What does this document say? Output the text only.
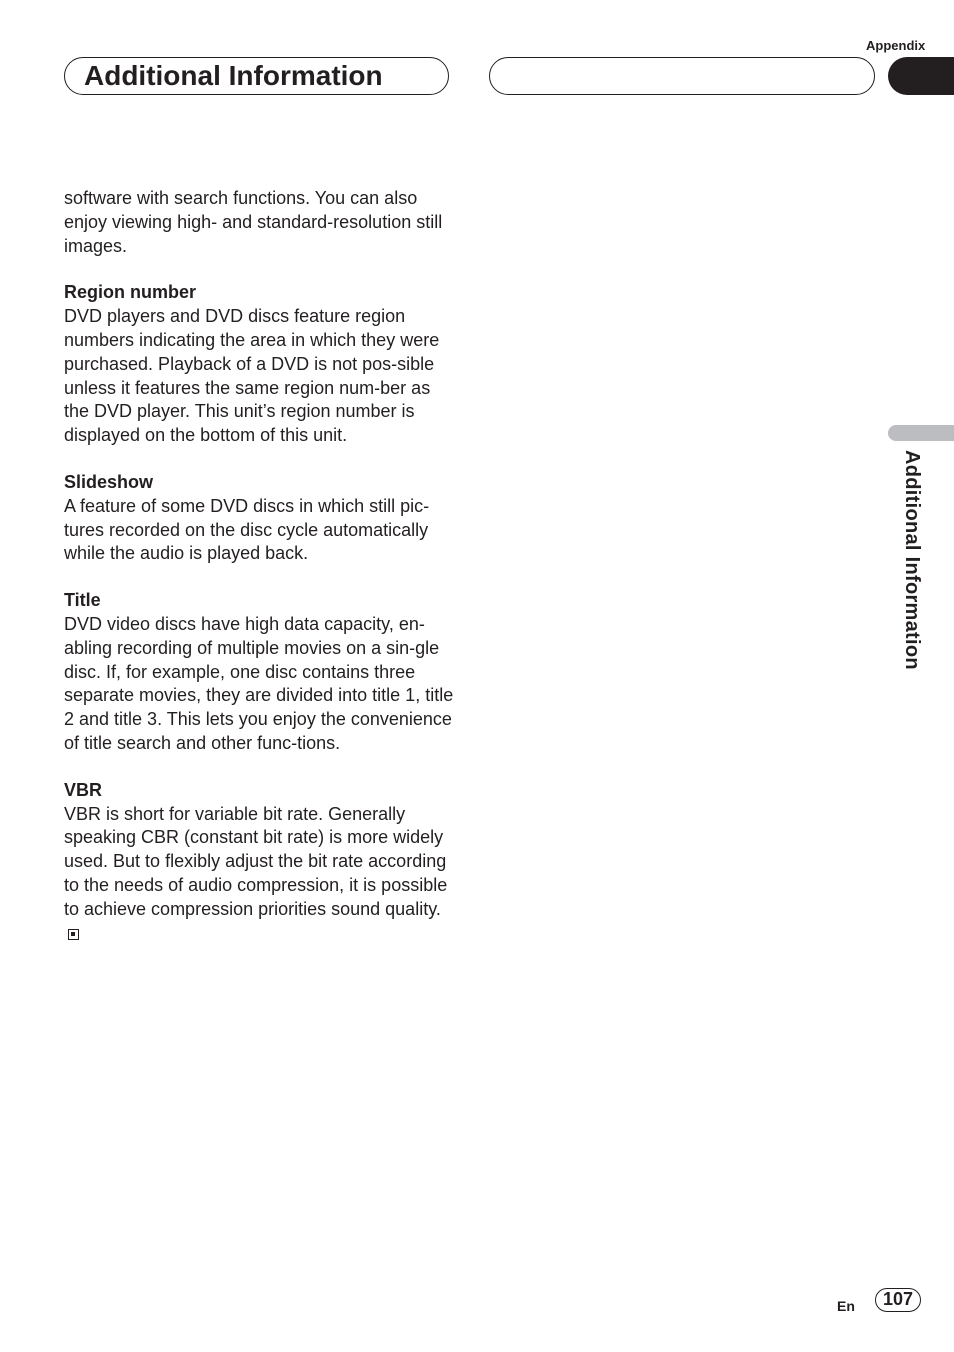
Appendix
Additional Information
Additional Information

software with search functions. You can also enjoy viewing high- and standard-resolution still images.

Region number

DVD players and DVD discs feature region numbers indicating the area in which they were purchased. Playback of a DVD is not pos-sible unless it features the same region num-ber as the DVD player. This unit’s region number is displayed on the bottom of this unit.

Slideshow

A feature of some DVD discs in which still pic-tures recorded on the disc cycle automatically while the audio is played back.

Title

DVD video discs have high data capacity, en-abling recording of multiple movies on a sin-gle disc. If, for example, one disc contains three separate movies, they are divided into title 1, title 2 and title 3. This lets you enjoy the convenience of title search and other func-tions.

VBR

VBR is short for variable bit rate. Generally speaking CBR (constant bit rate) is more widely used. But to flexibly adjust the bit rate according to the needs of audio compression, it is possible to achieve compression priorities sound quality.

En	107
